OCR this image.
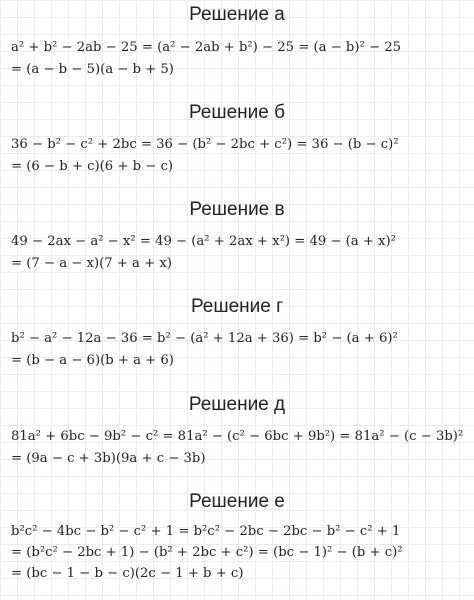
Решение а
a² + b² − 2ab − 25 = (a² − 2ab + b²) − 25 = (a − b)² − 25
= (a − b − 5)(a − b + 5)
Решение б
36 − b² − c² + 2bc = 36 − (b² − 2bc + c²) = 36 − (b − c)²
= (6 − b + c)(6 + b − c)
Решение в
49 − 2ax − a² − x² = 49 − (a² + 2ax + x²) = 49 − (a + x)²
= (7 − a − x)(7 + a + x)
Решение г
b² − a² − 12a − 36 = b² − (a² + 12a + 36) = b² − (a + 6)²
= (b − a − 6)(b + a + 6)
Решение д
81a² + 6bc − 9b² − c² = 81a² − (c² − 6bc + 9b²) = 81a² − (c − 3b)²
= (9a − c + 3b)(9a + c − 3b)
Решение е
b²c² − 4bc − b² − c² + 1 = b²c² − 2bc − 2bc − b² − c² + 1
= (b²c² − 2bc + 1) − (b² + 2bc + c²) = (bc − 1)² − (b + c)²
= (bc − 1 − b − c)(2c − 1 + b + c)
